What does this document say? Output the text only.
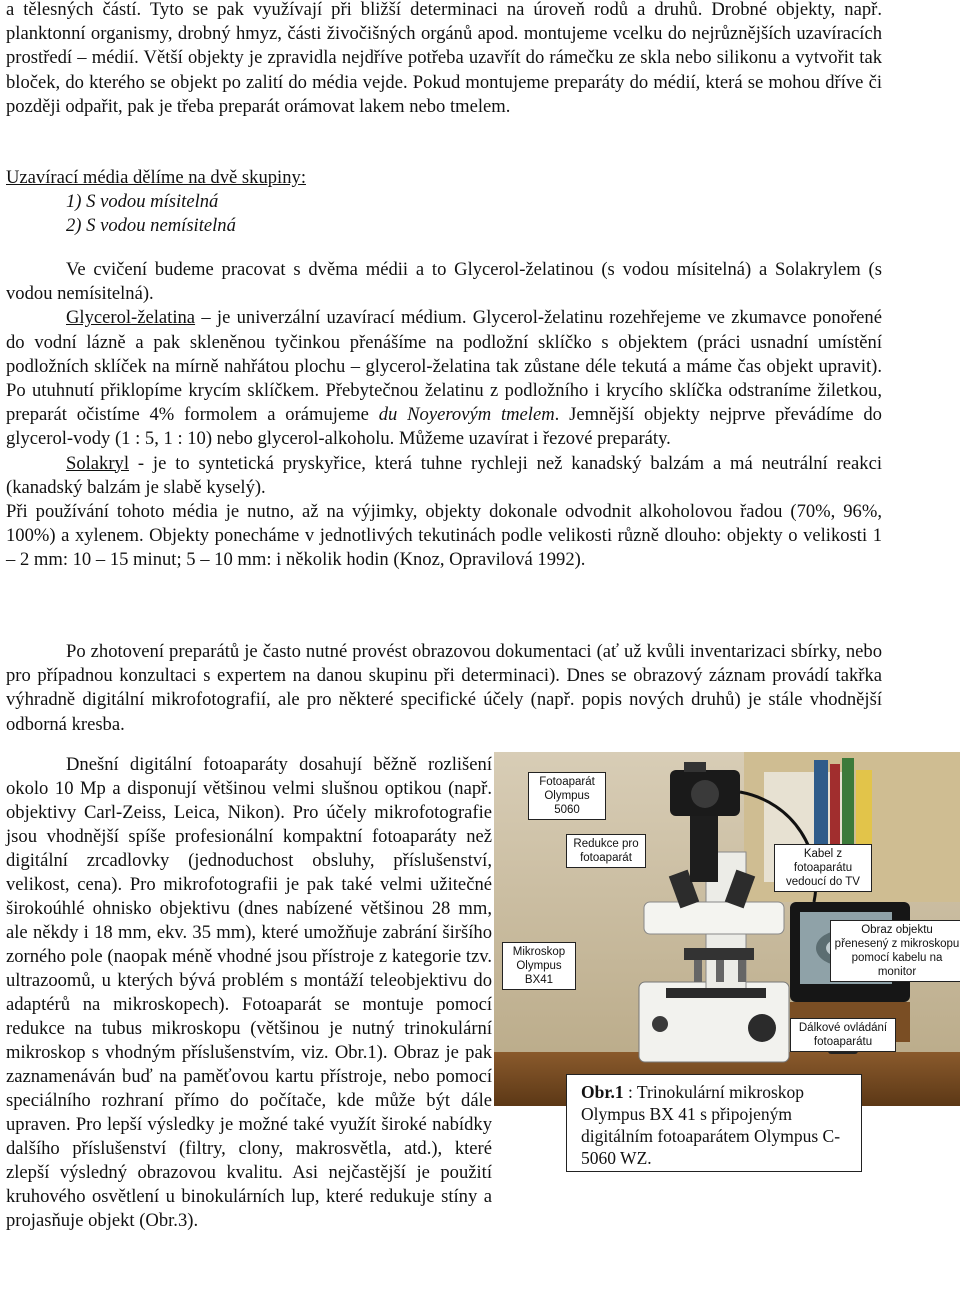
a tělesných částí. Tyto se pak využívají při bližší determinaci na úroveň rodů a druhů. Drobné objekty, např. planktonní organismy, drobný hmyz, části živočišných orgánů apod. montujeme vcelku do nejrůznějších uzavíracích prostředí – médií. Větší objekty je zpravidla nejdříve potřeba uzavřít do rámečku ze skla nebo silikonu a vytvořit tak bloček, do kterého se objekt po zalití do média vejde. Pokud montujeme preparáty do médií, která se mohou dříve či později odpařit, pak je třeba preparát orámovat lakem nebo tmelem.

Uzavírací média dělíme na dvě skupiny:

1) S vodou mísitelná
2) S vodou nemísitelná

Ve cvičení budeme pracovat s dvěma médii a to Glycerol-želatinou (s vodou mísitelná) a Solakrylem (s vodou nemísitelná).

Glycerol-želatina – je univerzální uzavírací médium. Glycerol-želatinu rozehřejeme ve zkumavce ponořené do vodní lázně a pak skleněnou tyčinkou přenášíme na podložní sklíčko s objektem (práci usnadní umístění podložních sklíček na mírně nahřátou plochu – glycerol-želatina tak zůstane déle tekutá a máme čas objekt upravit). Po utuhnutí přiklopíme krycím sklíčkem. Přebytečnou želatinu z podložního i krycího sklíčka odstraníme žiletkou, preparát očistíme 4% formolem a orámujeme du Noyerovým tmelem. Jemnější objekty nejprve převádíme do glycerol-vody (1 : 5, 1 : 10) nebo glycerol-alkoholu. Můžeme uzavírat i řezové preparáty.

Solakryl - je to syntetická pryskyřice, která tuhne rychleji než kanadský balzám a má neutrální reakci (kanadský balzám je slabě kyselý).

Při používání tohoto média je nutno, až na výjimky, objekty dokonale odvodnit alkoholovou řadou (70%, 96%, 100%) a xylenem. Objekty ponecháme v jednotlivých tekutinách podle velikosti různě dlouho: objekty o velikosti 1 – 2 mm: 10 – 15 minut; 5 – 10 mm: i několik hodin (Knoz, Opravilová 1992).

Po zhotovení preparátů je často nutné provést obrazovou dokumentaci (ať už kvůli inventarizaci sbírky, nebo pro případnou konzultaci s expertem na danou skupinu při determinaci). Dnes se obrazový záznam provádí takřka výhradně digitální mikrofotografií, ale pro některé specifické účely (např. popis nových druhů) je stále vhodnější odborná kresba.

Dnešní digitální fotoaparáty dosahují běžně rozlišení okolo 10 Mp a disponují většinou velmi slušnou optikou (např. objektivy Carl-Zeiss, Leica, Nikon). Pro účely mikrofotografie jsou vhodnější spíše profesionální kompaktní fotoaparáty než digitální zrcadlovky (jednoduchost obsluhy, příslušenství, velikost, cena). Pro mikrofotografii je pak také velmi užitečné širokoúhlé ohnisko objektivu (dnes nabízené většinou 28 mm, ale někdy i 18 mm, ekv. 35 mm), které umožňuje zabrání širšího zorného pole (naopak méně vhodné jsou přístroje z kategorie tzv. ultrazoomů, u kterých bývá problém s montáží teleobjektivu do adaptérů na mikroskopech). Fotoaparát se montuje pomocí redukce na tubus mikroskopu (většinou je nutný trinokulární mikroskop s vhodným příslušenstvím, viz. Obr.1). Obraz je pak zaznamenáván buď na paměťovou kartu přístroje, nebo pomocí speciálního rozhraní přímo do počítače, kde může být dále upraven. Pro lepší výsledky je možné také využít široké nabídky dalšího příslušenství (filtry, clony, makrosvětla, atd.), které zlepší výsledný obrazovou kvalitu. Asi nejčastější je použití kruhového osvětlení u binokulárních lup, které redukuje stíny a projasňuje objekt (Obr.3).

Fotoaparát Olympus 5060
Redukce pro fotoaparát	Kabel z fotoaparátu vedoucí do TV
Mikroskop Olympus BX41
Obraz objektu přenesený z mikroskopu pomocí kabelu na monitor
Dálkové ovládání fotoaparátu
Obr.1 : Trinokulární mikroskop Olympus BX 41 s připojeným digitálním fotoaparátem Olympus C-5060 WZ.
